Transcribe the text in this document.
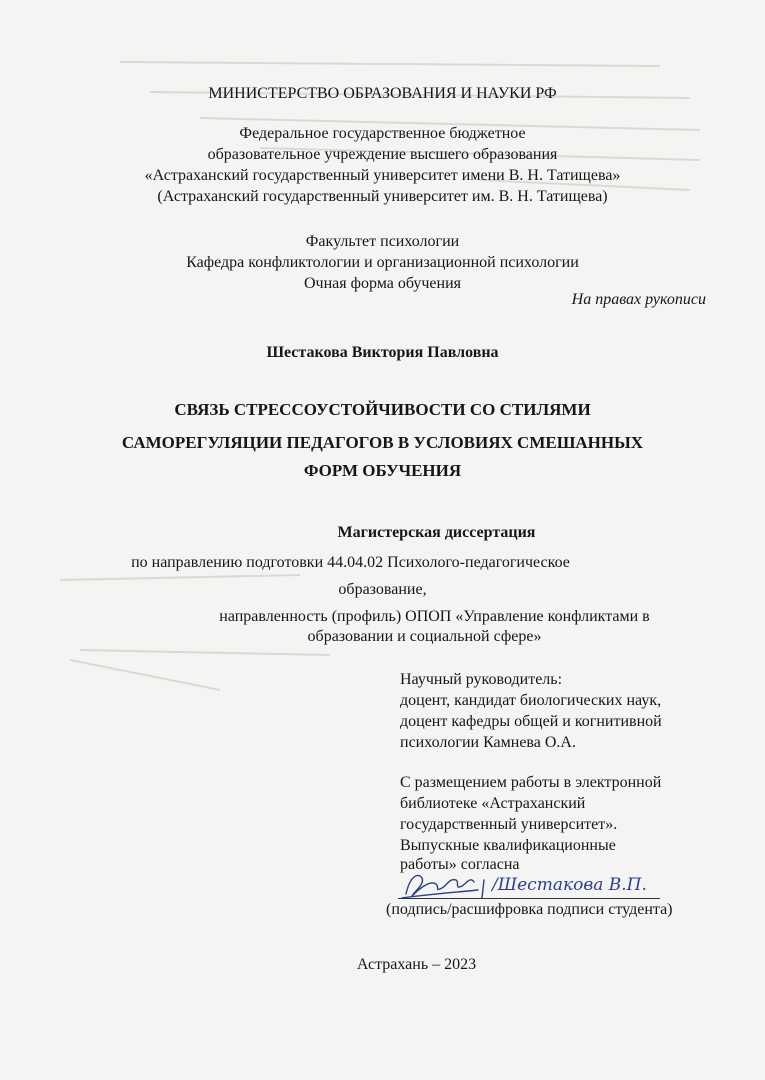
МИНИСТЕРСТВО ОБРАЗОВАНИЯ И НАУКИ РФ
Федеральное государственное бюджетное
образовательное учреждение высшего образования
«Астраханский государственный университет имени В. Н. Татищева»
(Астраханский государственный университет им. В. Н. Татищева)
Факультет психологии
Кафедра конфликтологии и организационной психологии
Очная форма обучения
На правах рукописи
Шестакова Виктория Павловна
СВЯЗЬ СТРЕССОУСТОЙЧИВОСТИ СО СТИЛЯМИ
САМОРЕГУЛЯЦИИ ПЕДАГОГОВ В УСЛОВИЯХ СМЕШАННЫХ
ФОРМ ОБУЧЕНИЯ
Магистерская диссертация
по направлению подготовки 44.04.02 Психолого-педагогическое
образование,
направленность (профиль) ОПОП «Управление конфликтами в
образовании и социальной сфере»
Научный руководитель:
доцент, кандидат биологических наук,
доцент кафедры общей и когнитивной
психологии Камнева О.А.
С размещением работы в электронной
библиотеке «Астраханский
государственный университет».
Выпускные квалификационные
работы» согласна
/Шестакова В.П.
(подпись/расшифровка подписи студента)
Астрахань – 2023
